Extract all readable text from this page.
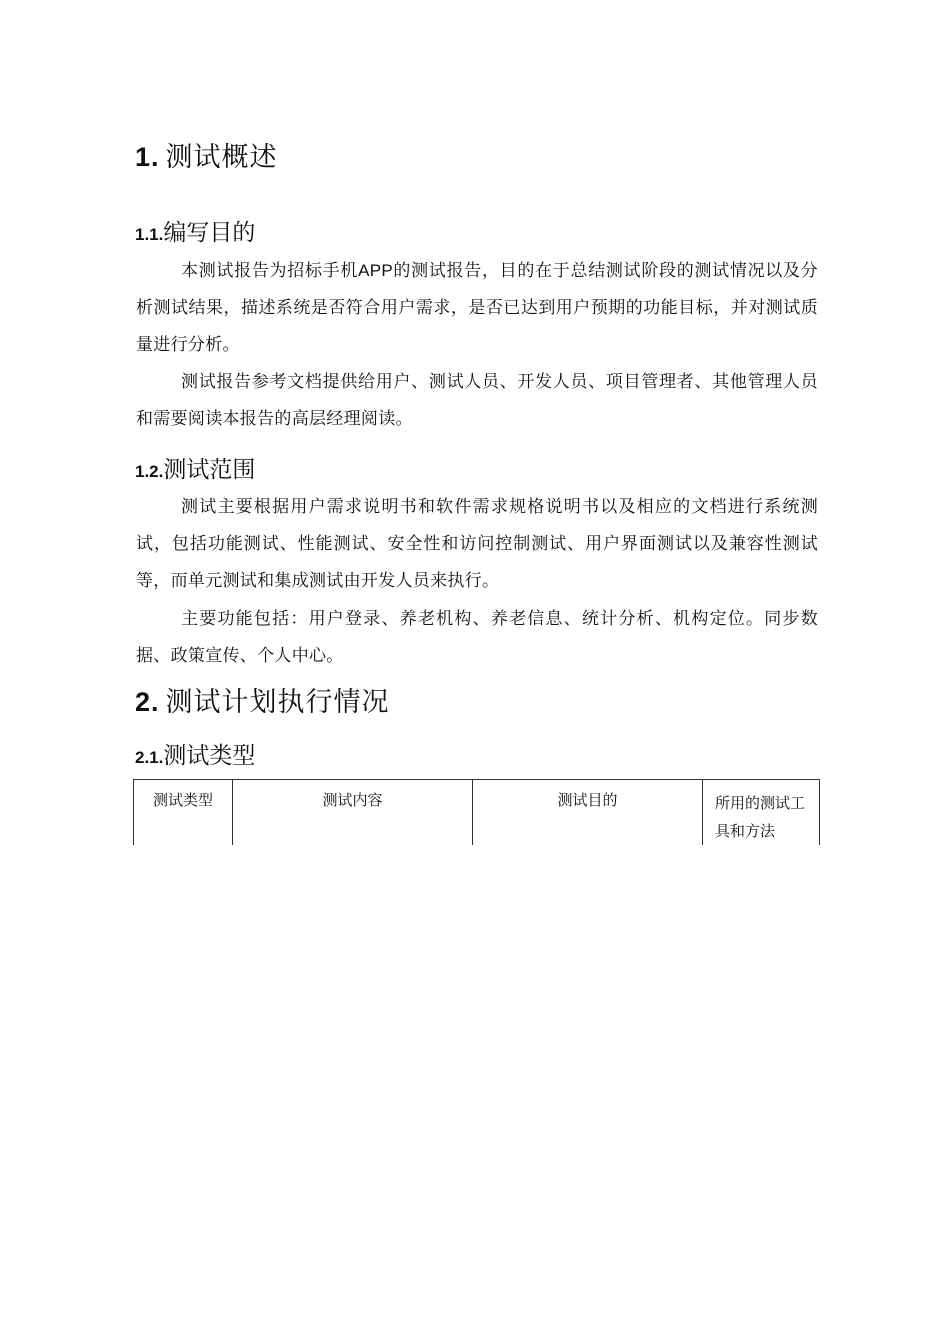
1. 测试概述
1.1.编写目的

本测试报告为招标手机APP的测试报告，目的在于总结测试阶段的测试情况以及分析测试结果，描述系统是否符合用户需求，是否已达到用户预期的功能目标，并对测试质量进行分析。

测试报告参考文档提供给用户、测试人员、开发人员、项目管理者、其他管理人员和需要阅读本报告的高层经理阅读。

1.2.测试范围

测试主要根据用户需求说明书和软件需求规格说明书以及相应的文档进行系统测试，包括功能测试、性能测试、安全性和访问控制测试、用户界面测试以及兼容性测试等，而单元测试和集成测试由开发人员来执行。

主要功能包括：用户登录、养老机构、养老信息、统计分析、机构定位。同步数据、政策宣传、个人中心。

2. 测试计划执行情况
2.1.测试类型
测试类型	测试内容	测试目的	所用的测试工具和方法
